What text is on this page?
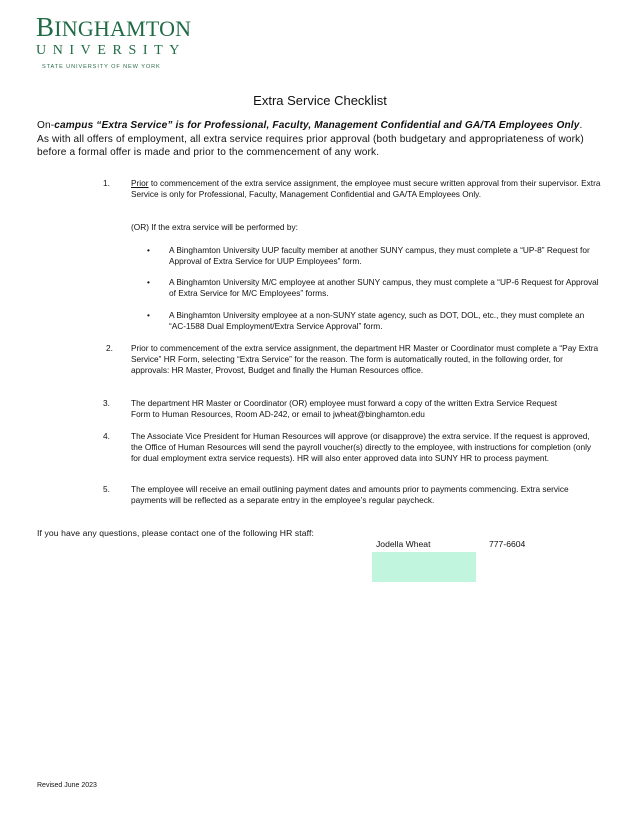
BINGHAMTON
UNIVERSITY
STATE UNIVERSITY OF NEW YORK
Extra Service Checklist
On-campus “Extra Service” is for Professional, Faculty, Management Confidential and GA/TA Employees Only.
As with all offers of employment, all extra service requires prior approval (both budgetary and appropriateness of work) before a formal offer is made and prior to the commencement of any work.
1.	Prior to commencement of the extra service assignment, the employee must secure written approval from their supervisor. Extra Service is only for Professional, Faculty, Management Confidential and GA/TA Employees Only.
(OR) If the extra service will be performed by:
•	A Binghamton University UUP faculty member at another SUNY campus, they must complete a “UP-8” Request for Approval of Extra Service for UUP Employees” form.
•	A Binghamton University M/C employee at another SUNY campus, they must complete a “UP-6 Request for Approval of Extra Service for M/C Employees” forms.
•	A Binghamton University employee at a non-SUNY state agency, such as DOT, DOL, etc., they must complete an “AC-1588 Dual Employment/Extra Service Approval” form.
2. Prior to commencement of the extra service assignment, the department HR Master or Coordinator must complete a “Pay Extra Service” HR Form, selecting “Extra Service” for the reason. The form is automatically routed, in the following order, for approvals: HR Master, Provost, Budget and finally the Human Resources office.
3.	The department HR Master or Coordinator (OR) employee must forward a copy of the written Extra Service Request Form to Human Resources, Room AD-242, or email to jwheat@binghamton.edu
4.	The Associate Vice President for Human Resources will approve (or disapprove) the extra service. If the request is approved, the Office of Human Resources will send the payroll voucher(s) directly to the employee, with instructions for completion (only for dual employment extra service requests). HR will also enter approved data into SUNY HR to process payment.
5.	The employee will receive an email outlining payment dates and amounts prior to payments commencing. Extra service payments will be reflected as a separate entry in the employee’s regular paycheck.
If you have any questions, please contact one of the following HR staff:
Jodella Wheat	777-6604
Revised June 2023
